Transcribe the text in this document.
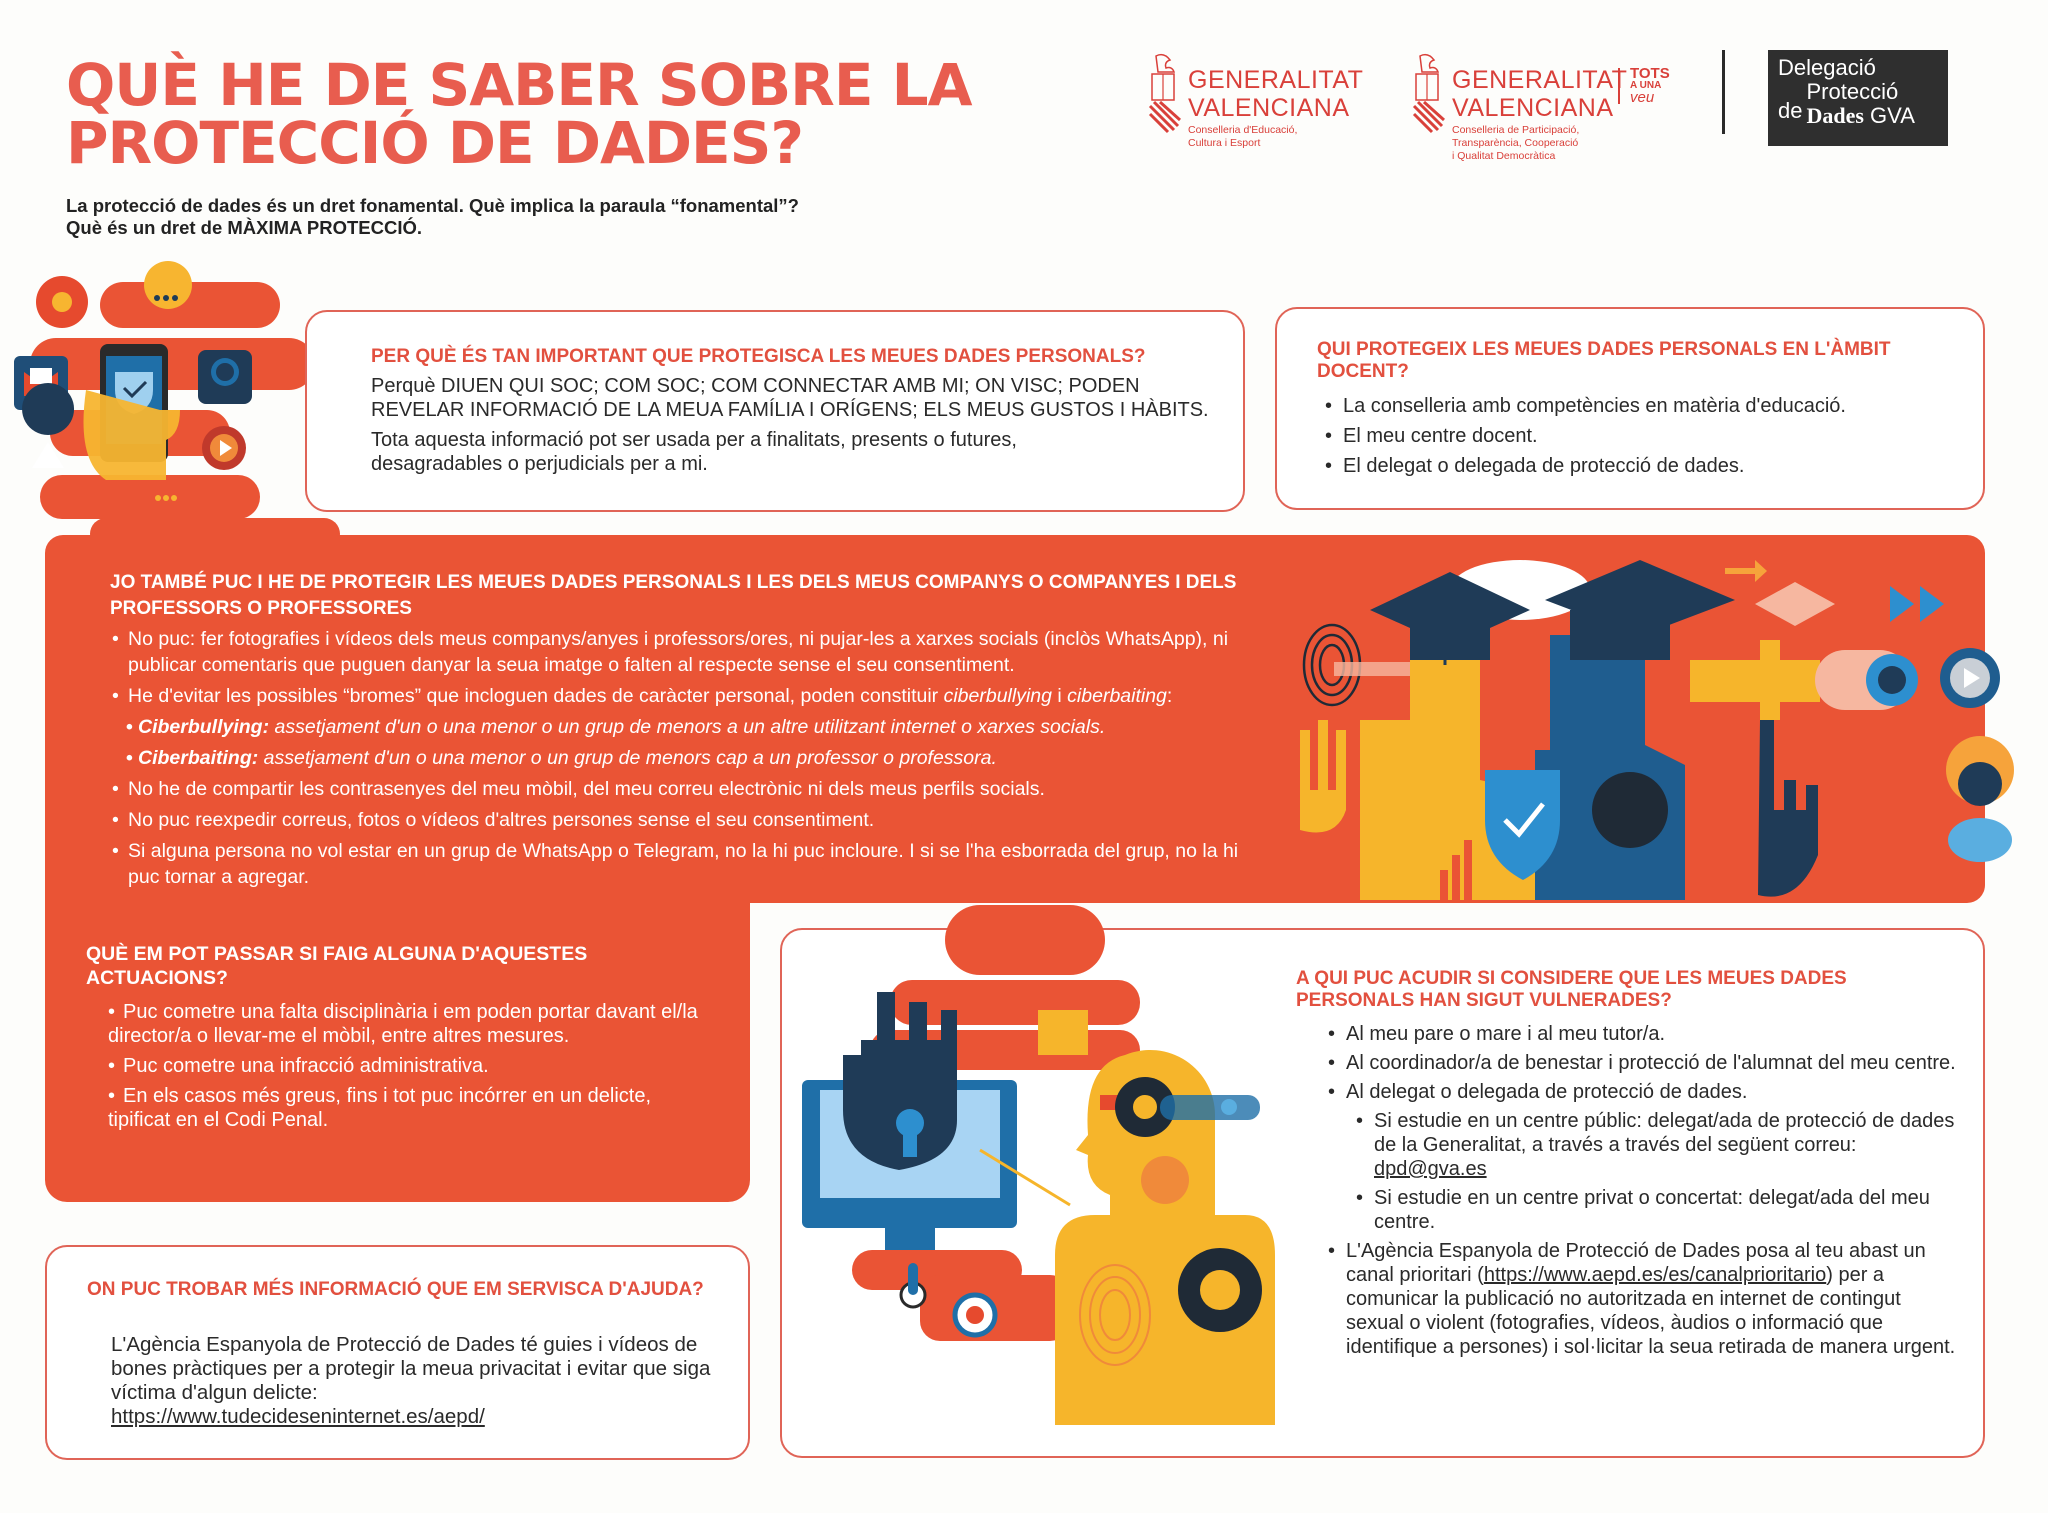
QUÈ HE DE SABER SOBRE LA
PROTECCIÓ DE DADES?
La protecció de dades és un dret fonamental. Què implica la paraula “fonamental”?
Què és un dret de MÀXIMA PROTECCIÓ.
GENERALITAT
VALENCIANA
Conselleria d'Educació,
Cultura i Esport
GENERALITAT
VALENCIANA
TOTS
A UNA
veu
Conselleria de Participació,
Transparència, Cooperació
i Qualitat Democràtica
Delegació
de
Protecció
Dades GVA
PER QUÈ ÉS TAN IMPORTANT QUE PROTEGISCA LES MEUES DADES PERSONALS?
Perquè DIUEN QUI SOC; COM SOC; COM CONNECTAR AMB MI; ON VISC; PODEN REVELAR INFORMACIÓ DE LA MEUA FAMÍLIA I ORÍGENS; ELS MEUS GUSTOS I HÀBITS.
Tota aquesta informació pot ser usada per a finalitats, presents o futures, desagradables o perjudicials per a mi.
QUI PROTEGEIX LES MEUES DADES PERSONALS EN L'ÀMBIT DOCENT?
• La conselleria amb competències en matèria d'educació.
• El meu centre docent.
• El delegat o delegada de protecció de dades.
JO TAMBÉ PUC I HE DE PROTEGIR LES MEUES DADES PERSONALS I LES DELS MEUS COMPANYS O COMPANYES I DELS PROFESSORS O PROFESSORES
• No puc: fer fotografies i vídeos dels meus companys/anyes i professors/ores, ni pujar-les a xarxes socials (inclòs WhatsApp), ni publicar comentaris que puguen danyar la seua imatge o falten al respecte sense el seu consentiment.
• He d'evitar les possibles “bromes” que incloguen dades de caràcter personal, poden constituir ciberbullying i ciberbaiting:
• Ciberbullying: assetjament d'un o una menor o un grup de menors a un altre utilitzant internet o xarxes socials.
• Ciberbaiting: assetjament d'un o una menor o un grup de menors cap a un professor o professora.
• No he de compartir les contrasenyes del meu mòbil, del meu correu electrònic ni dels meus perfils socials.
• No puc reexpedir correus, fotos o vídeos d'altres persones sense el seu consentiment.
• Si alguna persona no vol estar en un grup de WhatsApp o Telegram, no la hi puc incloure. I si se l'ha esborrada del grup, no la hi puc tornar a agregar.
QUÈ EM POT PASSAR SI FAIG ALGUNA D'AQUESTES ACTUACIONS?
• Puc cometre una falta disciplinària i em poden portar davant el/la director/a o llevar-me el mòbil, entre altres mesures.
• Puc cometre una infracció administrativa.
• En els casos més greus, fins i tot puc incórrer en un delicte, tipificat en el Codi Penal.
ON PUC TROBAR MÉS INFORMACIÓ QUE EM SERVISCA D'AJUDA?
L'Agència Espanyola de Protecció de Dades té guies i vídeos de bones pràctiques per a protegir la meua privacitat i evitar que siga víctima d'algun delicte:
https://www.tudecideseninternet.es/aepd/
A QUI PUC ACUDIR SI CONSIDERE QUE LES MEUES DADES PERSONALS HAN SIGUT VULNERADES?
• Al meu pare o mare i al meu tutor/a.
• Al coordinador/a de benestar i protecció de l'alumnat del meu centre.
• Al delegat o delegada de protecció de dades.
• Si estudie en un centre públic: delegat/ada de protecció de dades de la Generalitat, a través a través del següent correu: dpd@gva.es
• Si estudie en un centre privat o concertat: delegat/ada del meu centre.
• L'Agència Espanyola de Protecció de Dades posa al teu abast un canal prioritari (https://www.aepd.es/es/canalprioritario) per a comunicar la publicació no autoritzada en internet de contingut sexual o violent (fotografies, vídeos, àudios o informació que identifique a persones) i sol·licitar la seua retirada de manera urgent.
